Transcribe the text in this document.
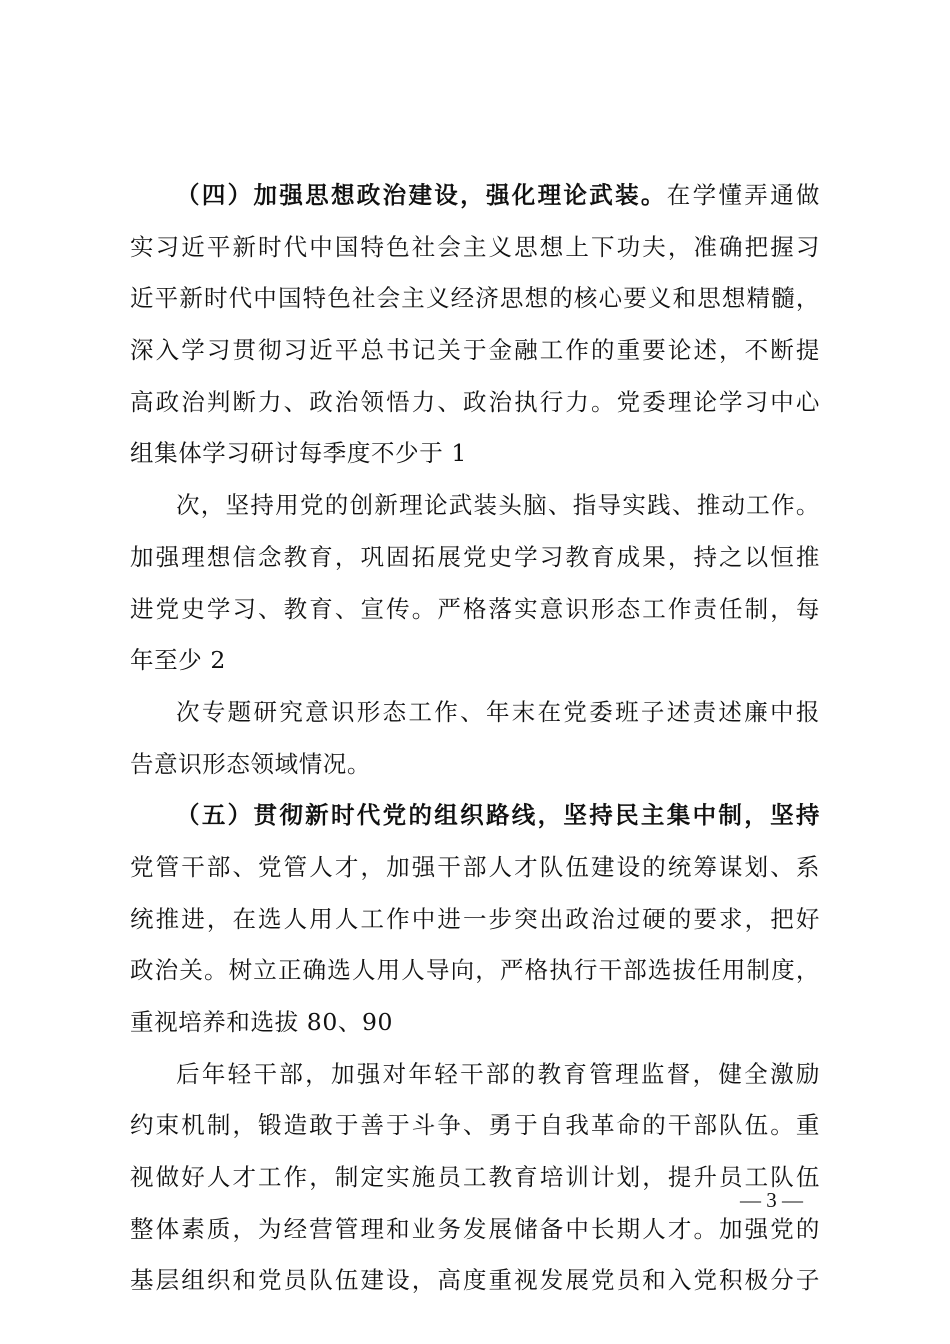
（四）加强思想政治建设，强化理论武装。在学懂弄通做
实习近平新时代中国特色社会主义思想上下功夫，准确把握习
近平新时代中国特色社会主义经济思想的核心要义和思想精髓，
深入学习贯彻习近平总书记关于金融工作的重要论述，不断提
高政治判断力、政治领悟力、政治执行力。党委理论学习中心
组集体学习研讨每季度不少于 1
次，坚持用党的创新理论武装头脑、指导实践、推动工作。
加强理想信念教育，巩固拓展党史学习教育成果，持之以恒推
进党史学习、教育、宣传。严格落实意识形态工作责任制，每
年至少 2
次专题研究意识形态工作、年末在党委班子述责述廉中报
告意识形态领域情况。
（五）贯彻新时代党的组织路线，坚持民主集中制，坚持
党管干部、党管人才，加强干部人才队伍建设的统筹谋划、系
统推进，在选人用人工作中进一步突出政治过硬的要求，把好
政治关。树立正确选人用人导向，严格执行干部选拔任用制度，
重视培养和选拔 80、90
后年轻干部，加强对年轻干部的教育管理监督，健全激励
约束机制，锻造敢于善于斗争、勇于自我革命的干部队伍。重
视做好人才工作，制定实施员工教育培训计划，提升员工队伍
整体素质，为经营管理和业务发展储备中长期人才。加强党的
基层组织和党员队伍建设，高度重视发展党员和入党积极分子
— 3 —
